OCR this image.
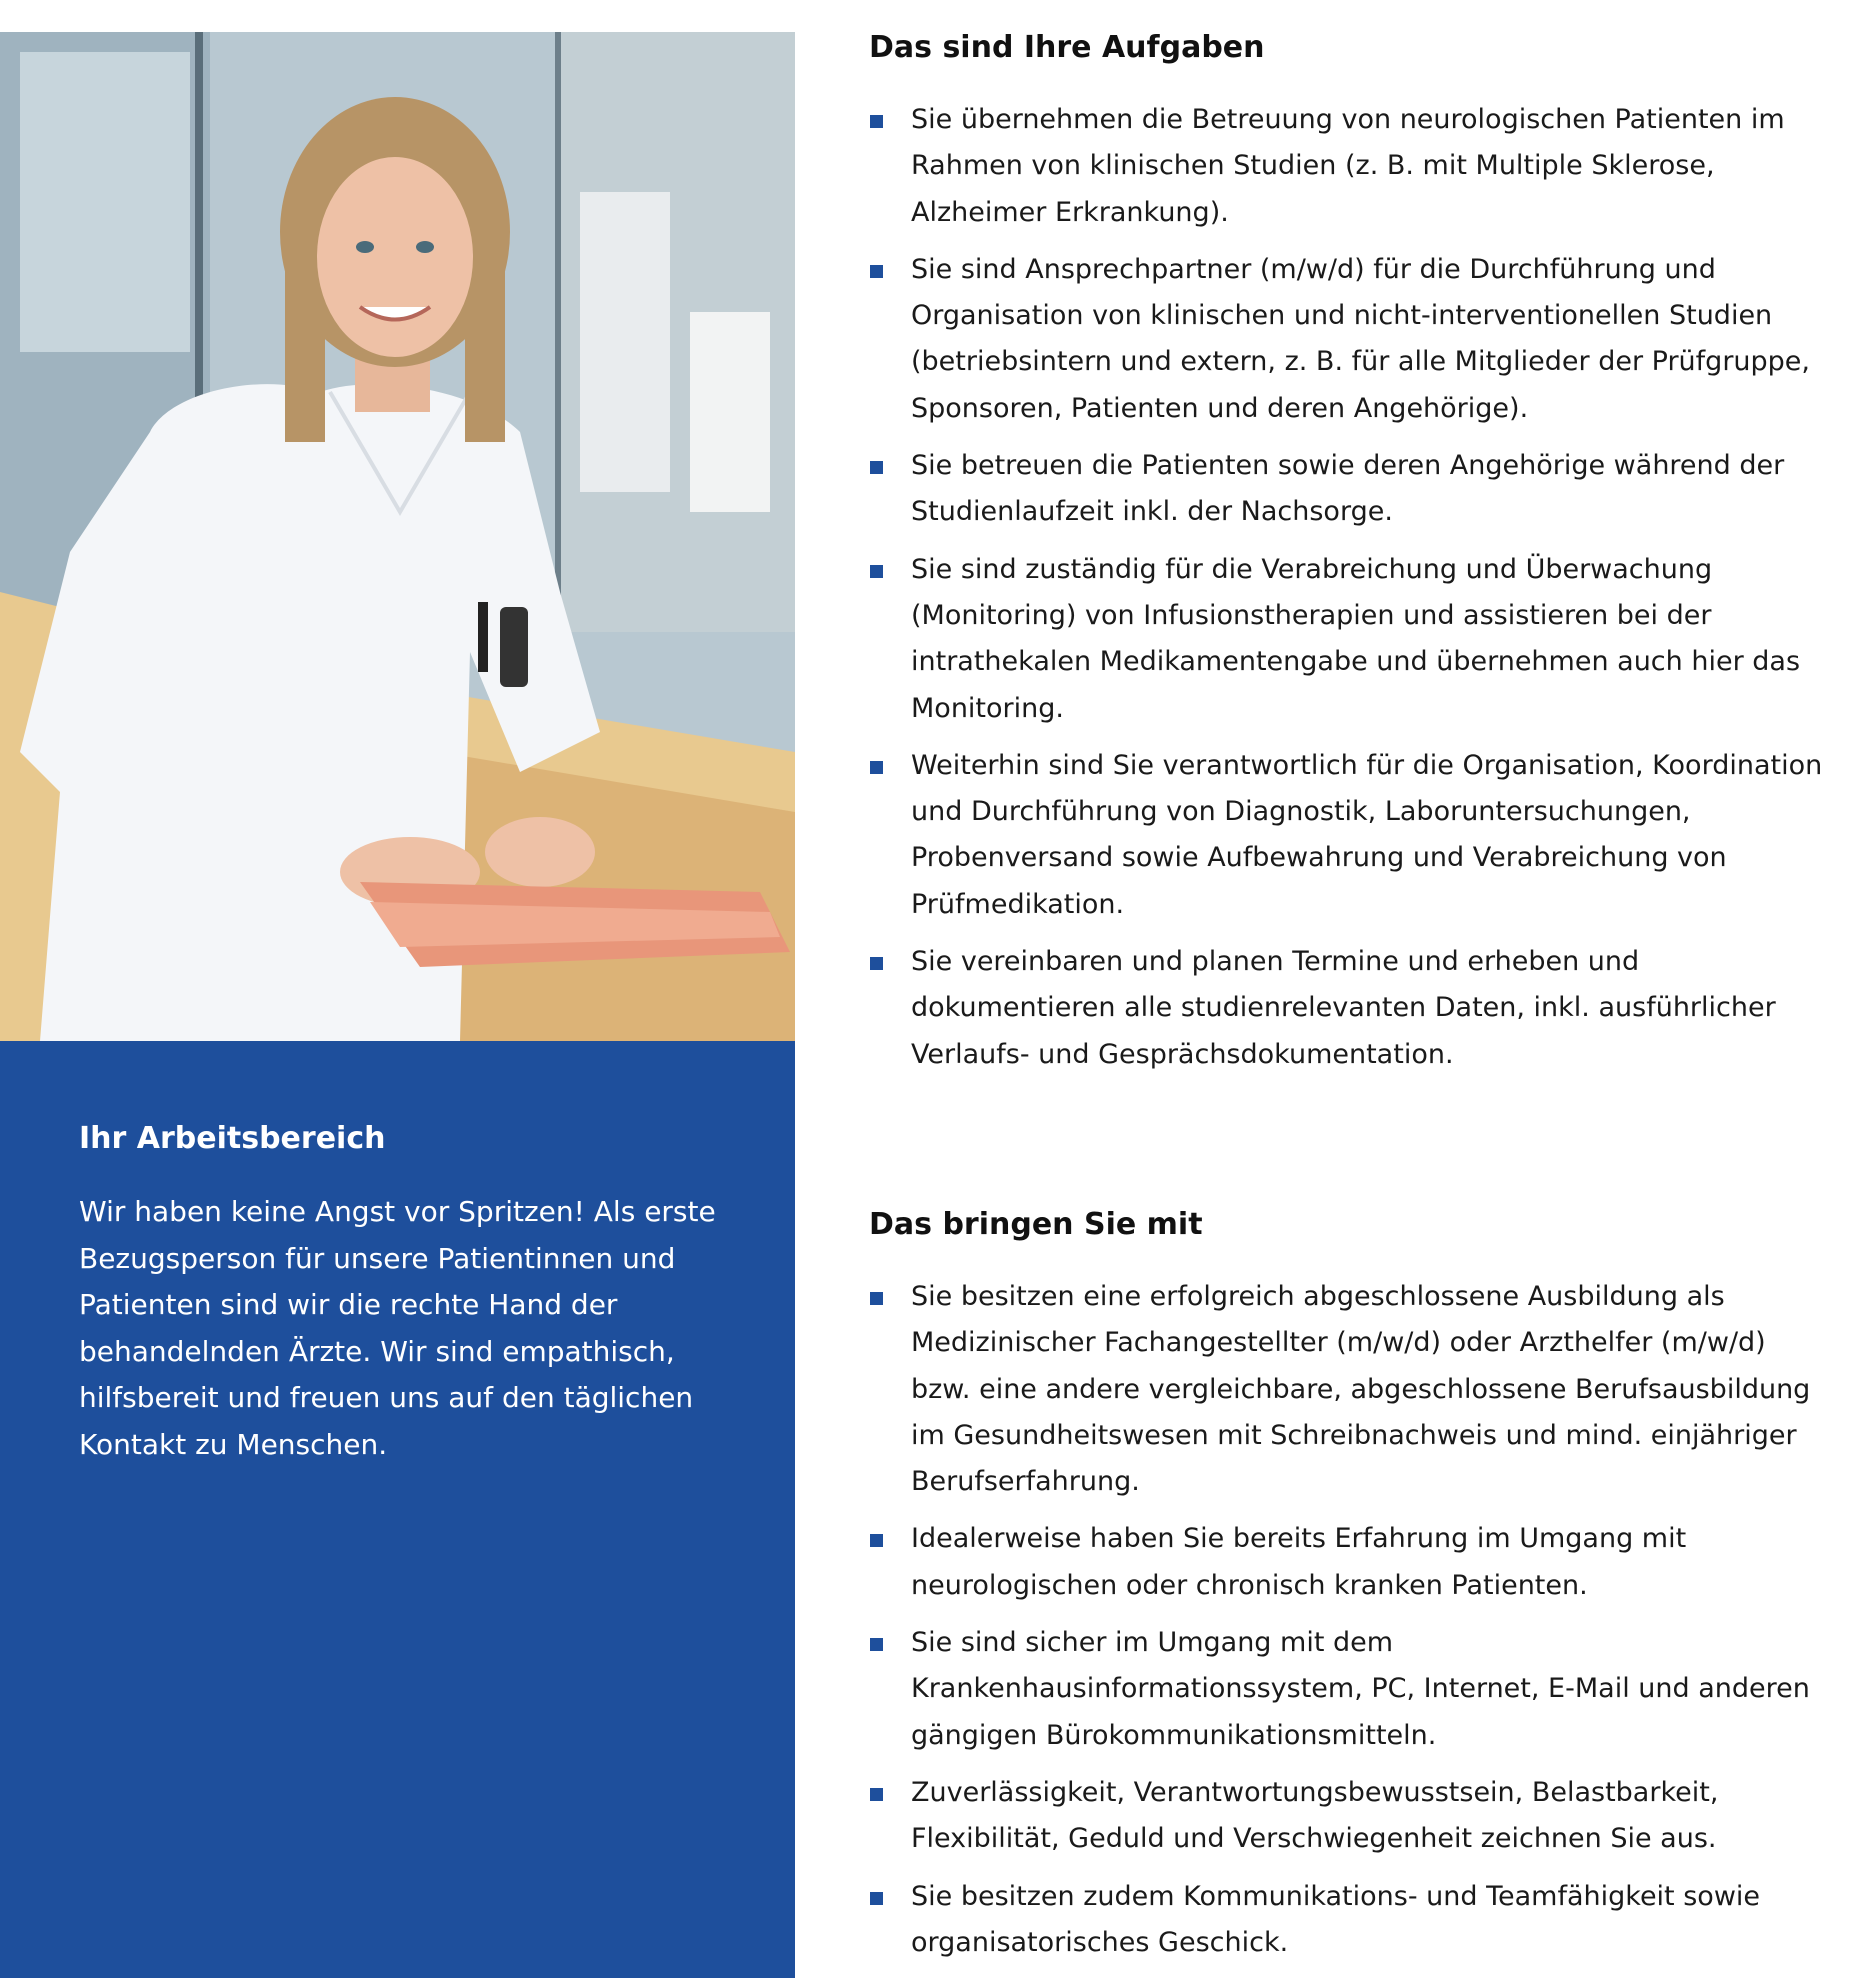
Ihr Arbeitsbereich
Wir haben keine Angst vor Spritzen! Als erste Bezugsperson für unsere Patientinnen und Patienten sind wir die rechte Hand der behandelnden Ärzte. Wir sind empathisch, hilfsbereit und freuen uns auf den täglichen Kontakt zu Menschen.
Das sind Ihre Aufgaben
Sie übernehmen die Betreuung von neurologischen Patienten im Rahmen von klinischen Studien (z. B. mit Multiple Sklerose, Alzheimer Erkrankung).
Sie sind Ansprechpartner (m/w/d) für die Durchführung und Organisation von klinischen und nicht-interventionellen Studien (betriebsintern und extern, z. B. für alle Mitglieder der Prüfgruppe, Sponsoren, Patienten und deren Angehörige).
Sie betreuen die Patienten sowie deren Angehörige während der Studienlaufzeit inkl. der Nachsorge.
Sie sind zuständig für die Verabreichung und Überwachung (Monitoring) von Infusionstherapien und assistieren bei der intrathekalen Medikamentengabe und übernehmen auch hier das Monitoring.
Weiterhin sind Sie verantwortlich für die Organisation, Koordination und Durchführung von Diagnostik, Laboruntersuchungen, Probenversand sowie Aufbewahrung und Verabreichung von Prüfmedikation.
Sie vereinbaren und planen Termine und erheben und dokumentieren alle studienrelevanten Daten, inkl. ausführlicher Verlaufs- und Gesprächsdokumentation.
Das bringen Sie mit
Sie besitzen eine erfolgreich abgeschlossene Ausbildung als Medizinischer Fachangestellter (m/w/d) oder Arzthelfer (m/w/d) bzw. eine andere vergleichbare, abgeschlossene Berufsausbildung im Gesundheitswesen mit Schreibnachweis und mind. einjähriger Berufserfahrung.
Idealerweise haben Sie bereits Erfahrung im Umgang mit neurologischen oder chronisch kranken Patienten.
Sie sind sicher im Umgang mit dem Krankenhausinformationssystem, PC, Internet, E-Mail und anderen gängigen Bürokommunikationsmitteln.
Zuverlässigkeit, Verantwortungsbewusstsein, Belastbarkeit, Flexibilität, Geduld und Verschwiegenheit zeichnen Sie aus.
Sie besitzen zudem Kommunikations- und Teamfähigkeit sowie organisatorisches Geschick.
